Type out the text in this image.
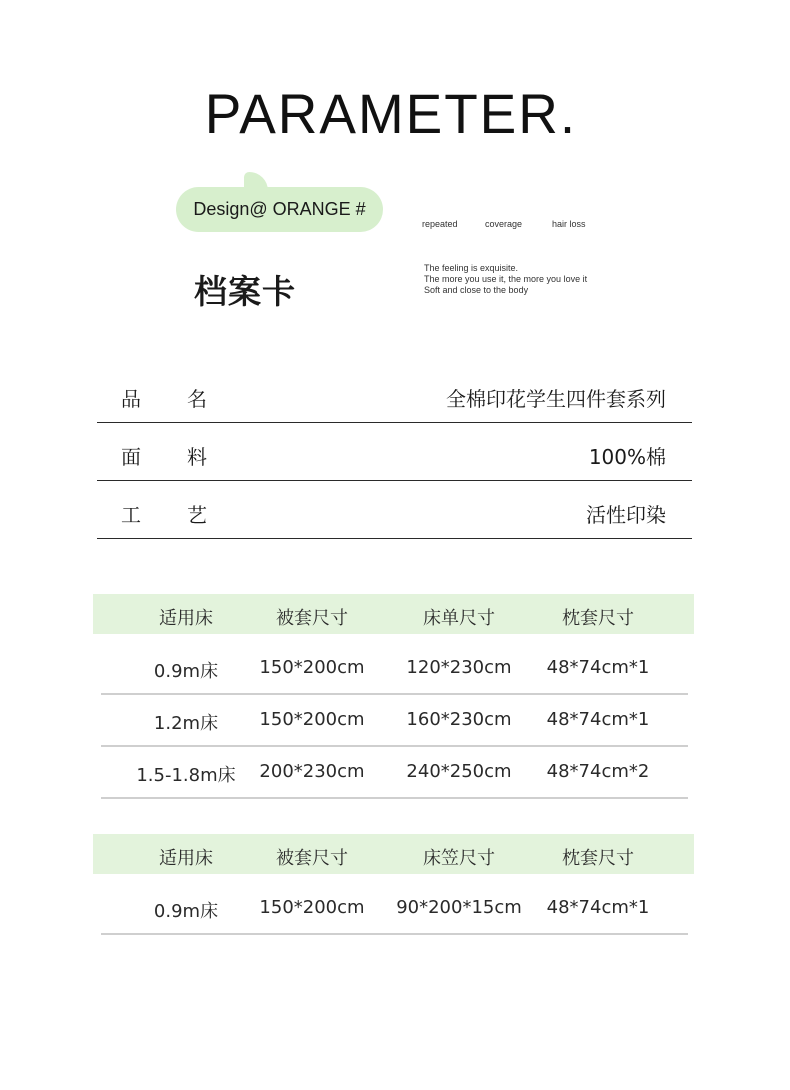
PARAMETER.
Design@ ORANGE #
repeated	coverage	hair loss
The feeling is exquisite.
The more you use it, the more you love it
Soft and close to the body
档案卡
品 名	全棉印花学生四件套系列
面 料	100%棉
工 艺	活性印染
适用床	被套尺寸	床单尺寸	枕套尺寸
0.9m床 150*200cm 120*230cm 48*74cm*1
1.2m床 150*200cm 160*230cm 48*74cm*1
1.5-1.8m床 200*230cm 240*250cm 48*74cm*2
适用床	被套尺寸	床笠尺寸	枕套尺寸
0.9m床 150*200cm 90*200*15cm 48*74cm*1
